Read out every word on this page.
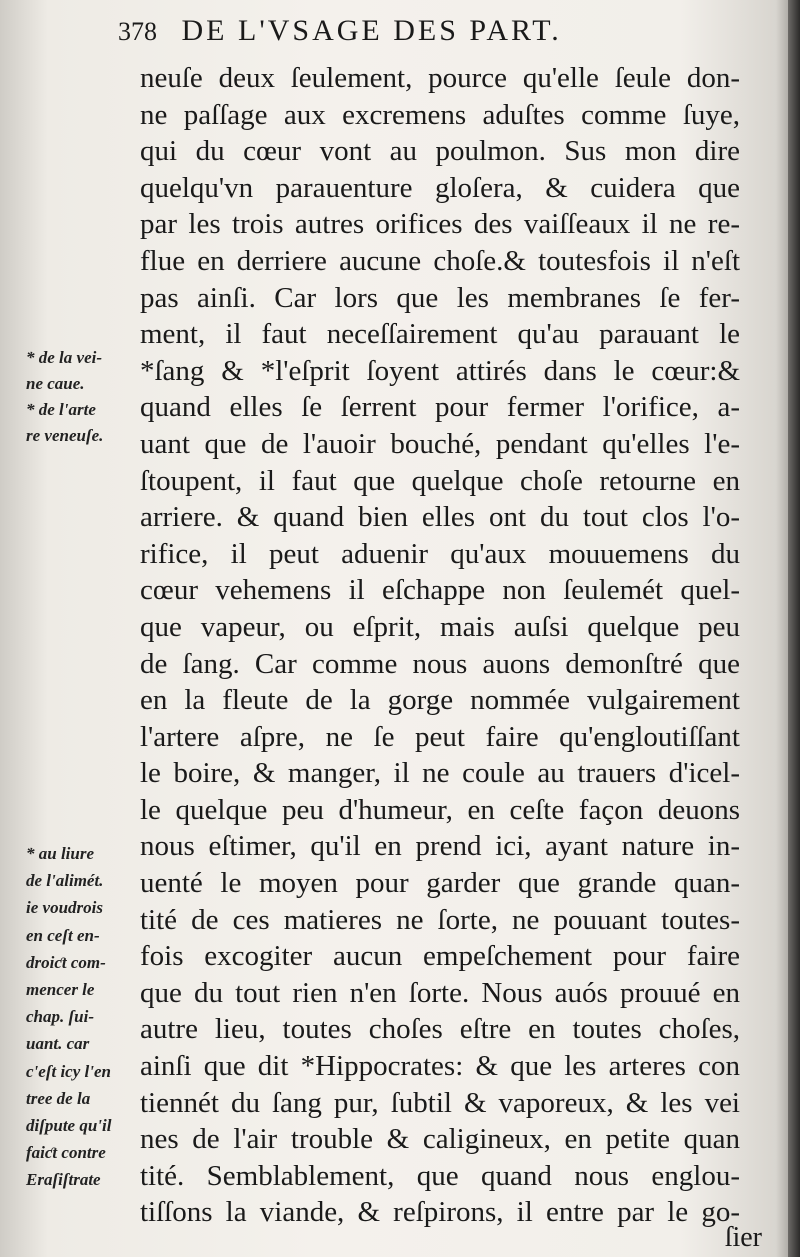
378 DE L'VSAGE DES PART.
* de la vei-
ne caue.
* de l'arte
re veneuſe.
* au liure
de l'alimét.
ie voudrois
en ceſt en-
droiƈt com-
mencer le
chap. ſui-
uant. car
c'eſt icy l'en
tree de la
diſpute qu'il
faiƈt contre
Eraſiſtrate
neuſe deux ſeulement, pource qu'elle ſeule don-
ne paſſage aux excremens aduſtes comme ſuye,
qui du cœur vont au poulmon. Sus mon dire
quelqu'vn parauenture gloſera, & cuidera que
par les trois autres orifices des vaiſſeaux il ne re-
flue en derriere aucune choſe.& toutesfois il n'eſt
pas ainſi. Car lors que les membranes ſe fer-
ment, il faut neceſſairement qu'au parauant le
*ſang & *l'eſprit ſoyent attirés dans le cœur:&
quand elles ſe ſerrent pour fermer l'orifice, a-
uant que de l'auoir bouché, pendant qu'elles l'e-
ſtoupent, il faut que quelque choſe retourne en
arriere. & quand bien elles ont du tout clos l'o-
rifice, il peut aduenir qu'aux mouuemens du
cœur vehemens il eſchappe non ſeulemét quel-
que vapeur, ou eſprit, mais auſsi quelque peu
de ſang. Car comme nous auons demonſtré que
en la fleute de la gorge nommée vulgairement
l'artere aſpre, ne ſe peut faire qu'engloutiſſant
le boire, & manger, il ne coule au trauers d'icel-
le quelque peu d'humeur, en ceſte façon deuons
nous eſtimer, qu'il en prend ici, ayant nature in-
uenté le moyen pour garder que grande quan-
tité de ces matieres ne ſorte, ne pouuant toutes-
fois excogiter aucun empeſchement pour faire
que du tout rien n'en ſorte. Nous auós prouué en
autre lieu, toutes choſes eſtre en toutes choſes,
ainſi que dit *Hippocrates: & que les arteres con
tiennét du ſang pur, ſubtil & vaporeux, & les vei
nes de l'air trouble & caligineux, en petite quan
tité. Semblablement, que quand nous englou-
tiſſons la viande, & reſpirons, il entre par le go-
ſier
